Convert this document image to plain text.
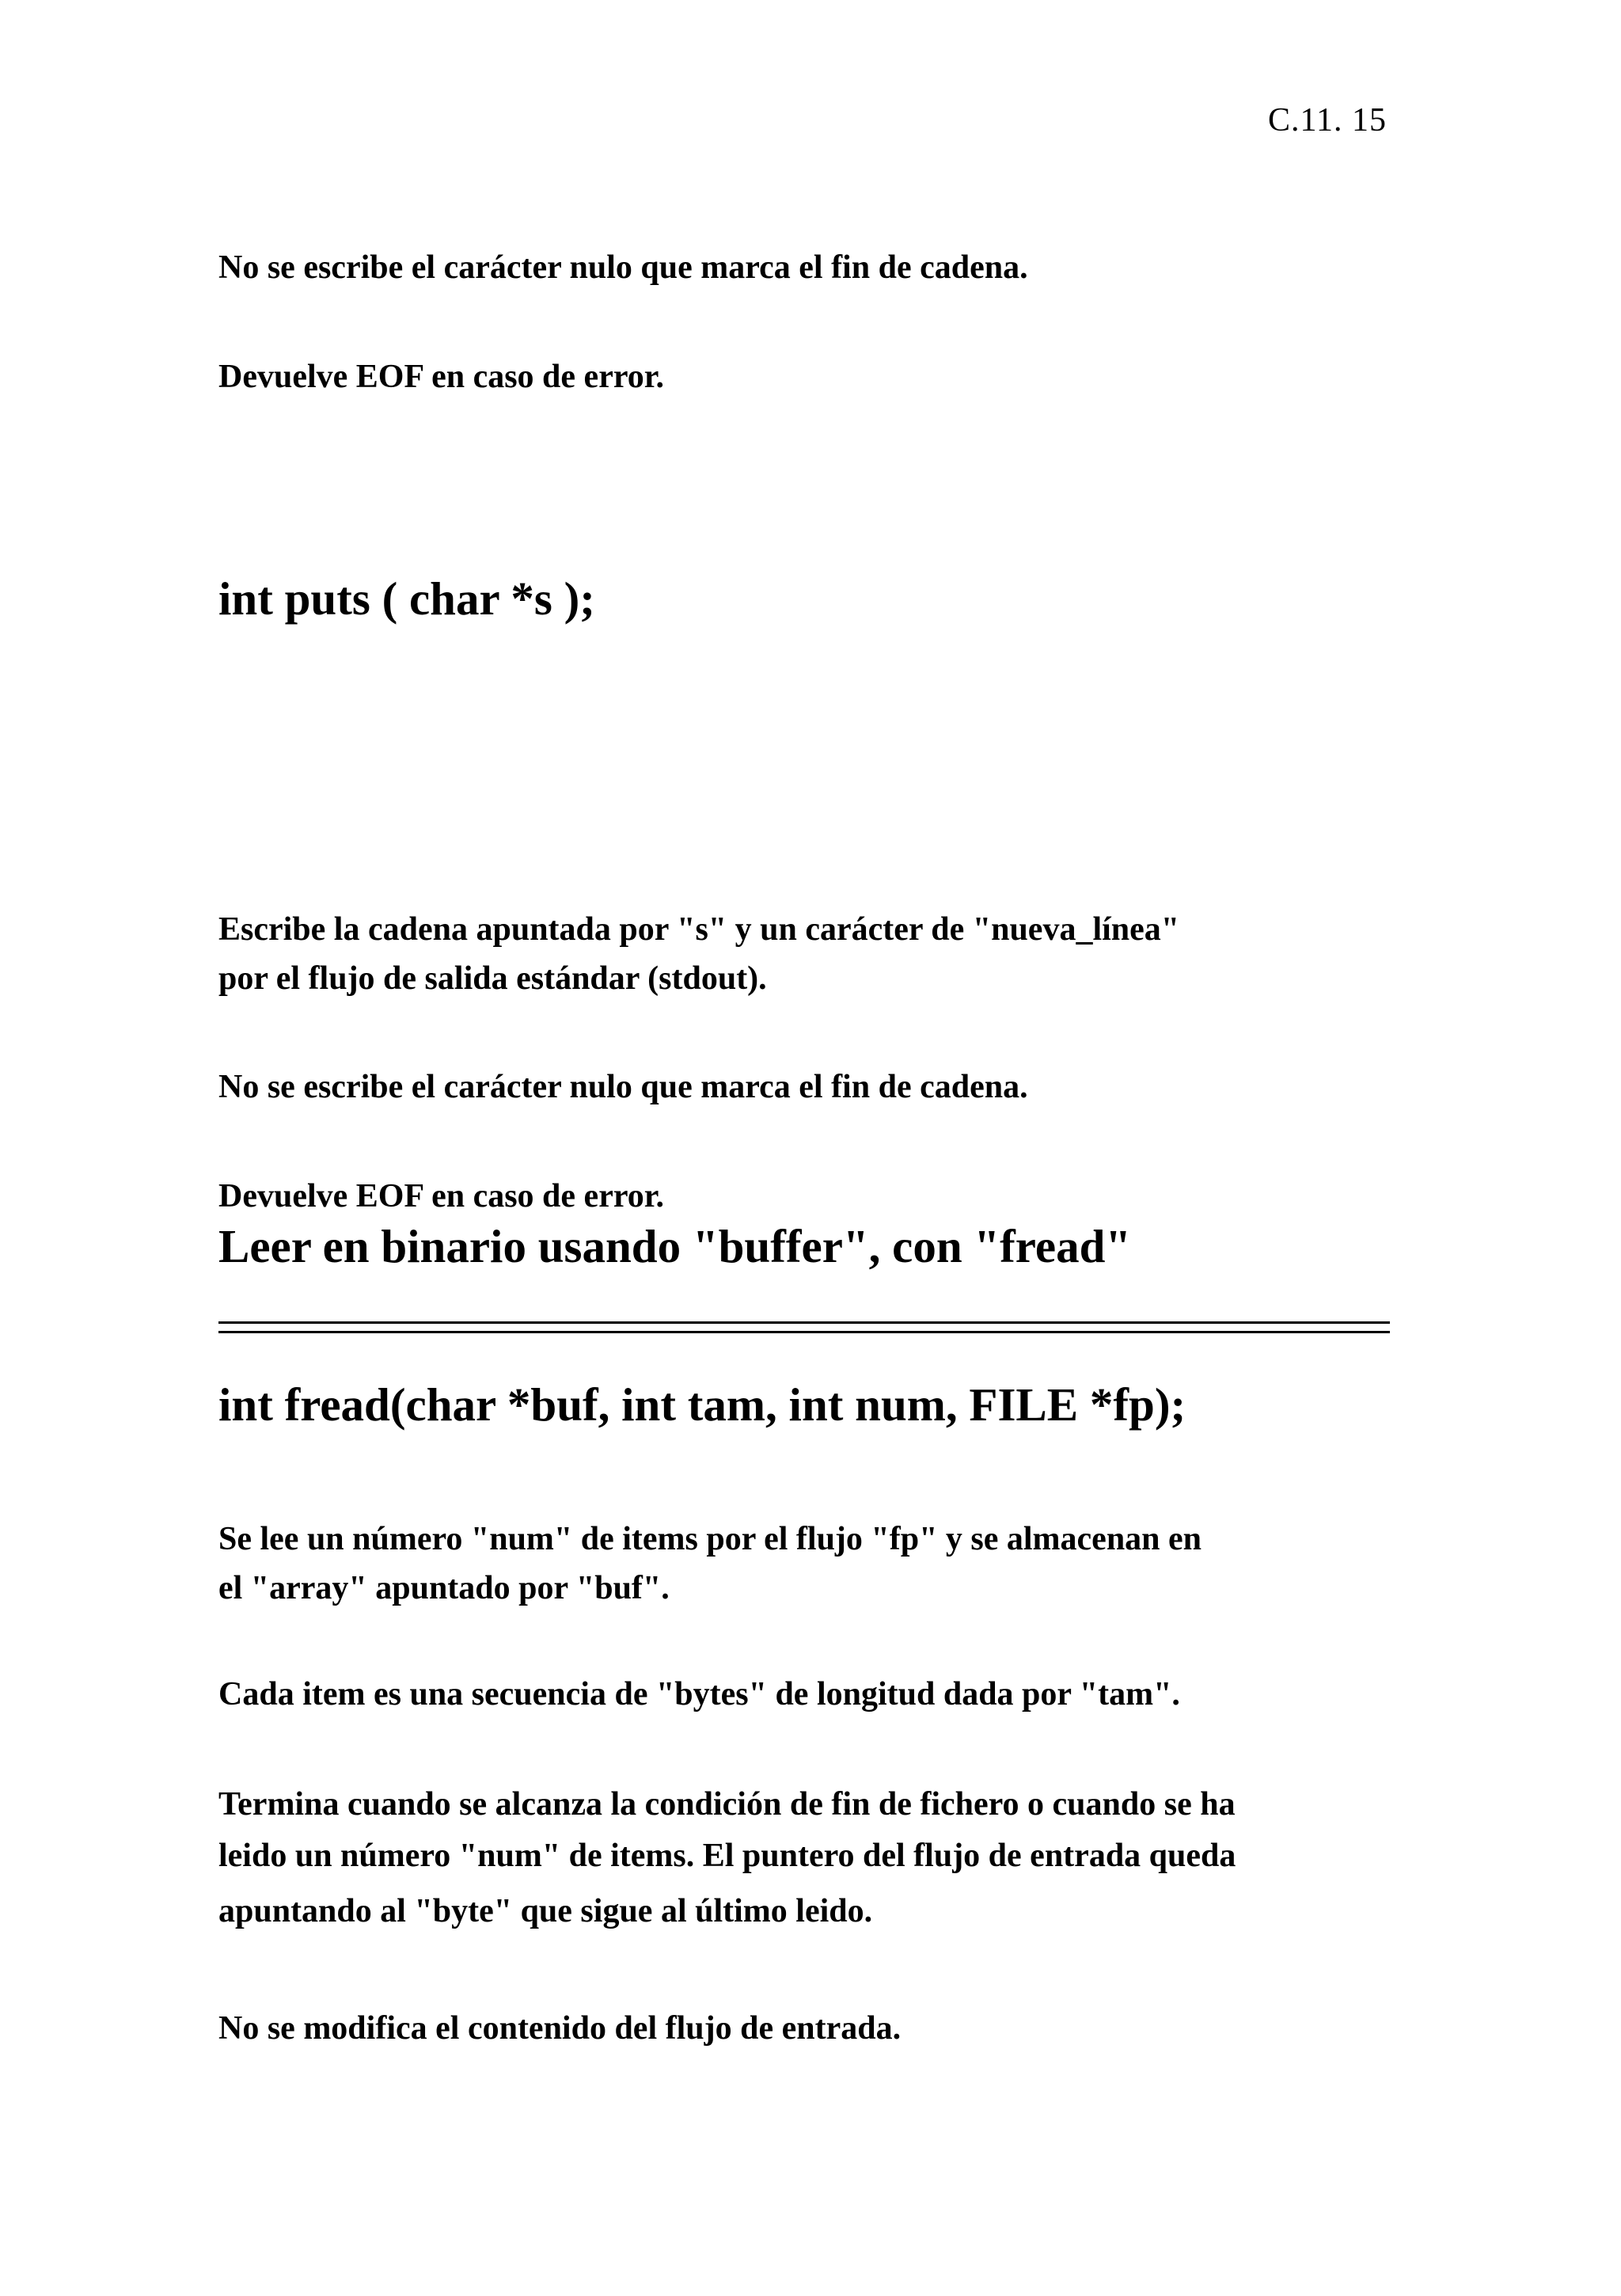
C.11. 15
No se escribe el carácter nulo que marca el fin de cadena.
Devuelve EOF en caso de error.
int puts ( char *s );
Escribe la cadena apuntada por "s" y un carácter de "nueva_línea"
por el flujo de salida estándar (stdout).
No se escribe el carácter nulo que marca el fin de cadena.
Devuelve EOF en caso de error.
Leer en binario usando "buffer", con "fread"
int fread(char *buf, int tam, int num, FILE *fp);
Se lee un número "num" de items por el flujo "fp" y se almacenan en
el "array" apuntado por "buf".
Cada item es una secuencia de "bytes" de longitud dada por "tam".
Termina cuando se alcanza la condición de fin de fichero o cuando se ha
leido un número "num" de items. El puntero del flujo de entrada queda
apuntando al "byte" que sigue al último leido.
No se modifica el contenido del flujo de entrada.
